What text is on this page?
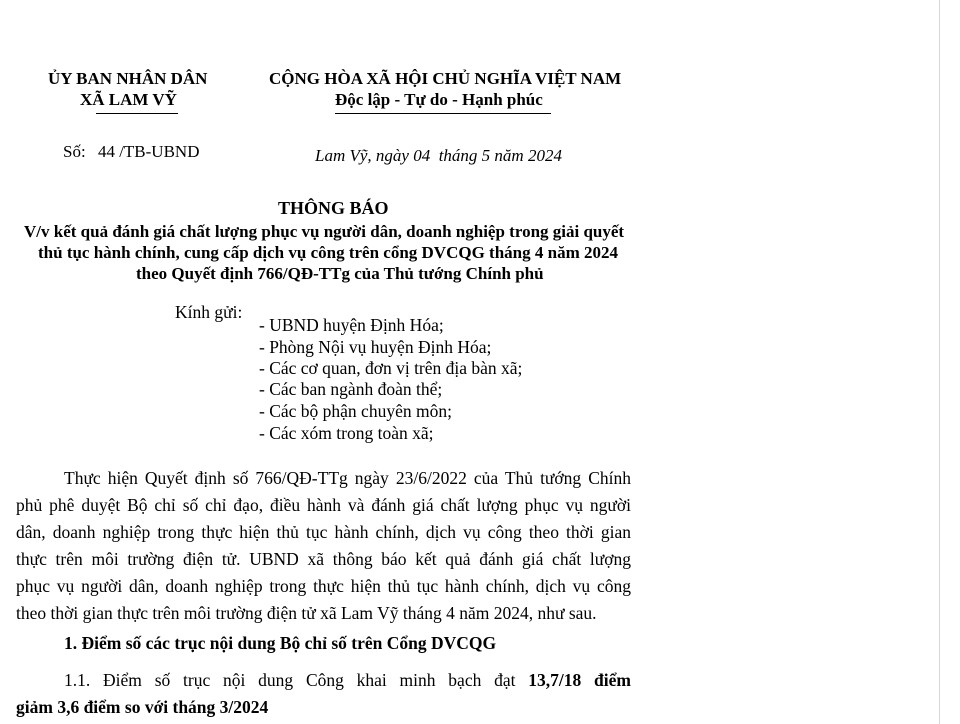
ỦY BAN NHÂN DÂN
XÃ LAM VỸ
CỘNG HÒA XÃ HỘI CHỦ NGHĨA VIỆT NAM
Độc lập - Tự do - Hạnh phúc
Số: 44 /TB-UBND	Lam Vỹ, ngày 04  tháng 5 năm 2024
THÔNG BÁO
V/v kết quả đánh giá chất lượng phục vụ người dân, doanh nghiệp trong giải quyết
thủ tục hành chính, cung cấp dịch vụ công trên cổng DVCQG tháng 4 năm 2024
theo Quyết định 766/QĐ-TTg của Thủ tướng Chính phủ
Kính gửi:
- UBND huyện Định Hóa;
- Phòng Nội vụ huyện Định Hóa;
- Các cơ quan, đơn vị trên địa bàn xã;
- Các ban ngành đoàn thể;
- Các bộ phận chuyên môn;
- Các xóm trong toàn xã;
Thực hiện Quyết định số 766/QĐ-TTg ngày 23/6/2022 của Thủ tướng Chính
phủ phê duyệt Bộ chỉ số chỉ đạo, điều hành và đánh giá chất lượng phục vụ người
dân, doanh nghiệp trong thực hiện thủ tục hành chính, dịch vụ công theo thời gian
thực trên môi trường điện tử. UBND xã thông báo kết quả đánh giá chất lượng
phục vụ người dân, doanh nghiệp trong thực hiện thủ tục hành chính, dịch vụ công
theo thời gian thực trên môi trường điện tử xã Lam Vỹ tháng 4 năm 2024, như sau.
1. Điểm số các trục nội dung Bộ chỉ số trên Cổng DVCQG
1.1. Điểm số trục nội dung Công khai minh bạch đạt 13,7/18 điểm
giảm 3,6 điểm so với tháng 3/2024
